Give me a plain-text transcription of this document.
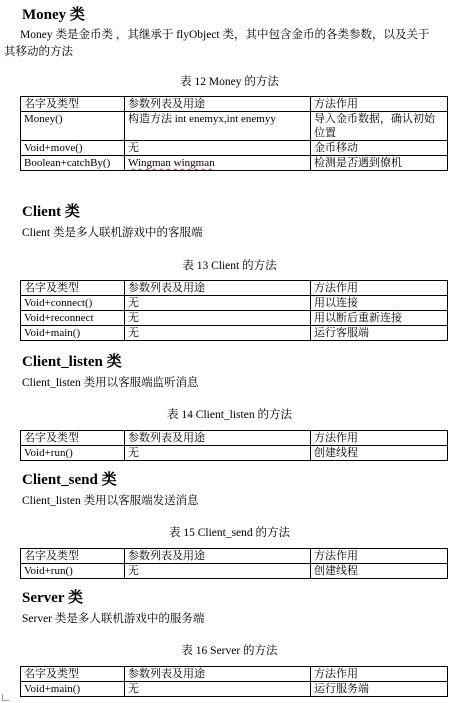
Money 类
Money 类是金币类 ，其继承于 flyObject 类，其中包含金币的各类参数，以及关于其移动的方法
表 12 Money 的方法
名字及类型	参数列表及用途	方法作用
Money()	构造方法 int enemyx,int enemyy	导入金币数据，确认初始位置
Void+move()	无	金币移动
Boolean+catchBy()	Wingman wingman	检测是否遇到僚机
Client 类
Client 类是多人联机游戏中的客服端
表 13 Client 的方法
名字及类型	参数列表及用途	方法作用
Void+connect()	无	用以连接
Void+reconnect	无	用以断后重新连接
Void+main()	无	运行客服端
Client_listen 类
Client_listen 类用以客服端监听消息
表 14 Client_listen 的方法
名字及类型	参数列表及用途	方法作用
Void+run()	无	创建线程
Client_send 类
Client_listen 类用以客服端发送消息
表 15 Client_send 的方法
名字及类型	参数列表及用途	方法作用
Void+run()	无	创建线程
Server 类
Server 类是多人联机游戏中的服务端
表 16 Server 的方法
名字及类型	参数列表及用途	方法作用
Void+main()	无	运行服务端
